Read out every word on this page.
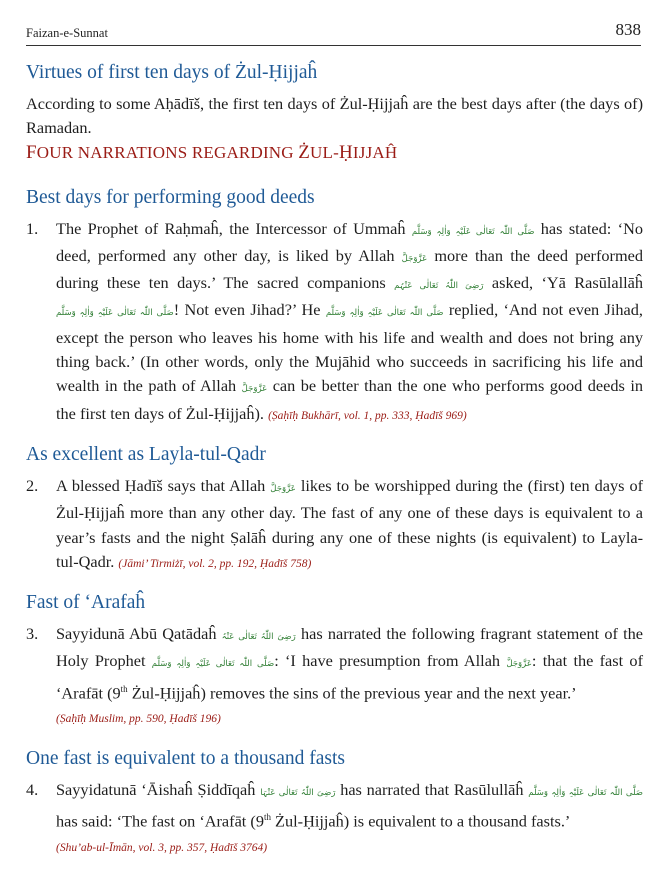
Faizan-e-Sunnat	838
Virtues of first ten days of Żul-Ḥijjaĥ

According to some Aḥādīš, the first ten days of Żul-Ḥijjaĥ are the best days after (the days of) Ramadan.

FOUR NARRATIONS REGARDING ŻUL-ḤIJJAĤ
Best days for performing good deeds
1.	The Prophet of Raḥmaĥ, the Intercessor of Ummaĥ صَلَّی اللّٰہ تَعَالٰی عَلَیْہِ وَاٰلِہٖ وَسَلَّم has stated: ‘No deed, performed any other day, is liked by Allah عَزَّوَجَلَّ more than the deed performed during these ten days.’ The sacred companions رَضِیَ اللّٰہُ تَعَالٰی عَنْہُم asked, ‘Yā Rasūlallāĥ صَلَّی اللّٰہ تَعَالٰی عَلَیْہِ وَاٰلِہٖ وَسَلَّم! Not even Jihad?’ He صَلَّی اللّٰہ تَعَالٰی عَلَیْہِ وَاٰلِہٖ وَسَلَّم replied, ‘And not even Jihad, except the person who leaves his home with his life and wealth and does not bring any thing back.’ (In other words, only the Mujāhid who succeeds in sacrificing his life and wealth in the path of Allah عَزَّوَجَلَّ can be better than the one who performs good deeds in the first ten days of Żul-Ḥijjaĥ). (Ṣaḥīḥ Bukhārī, vol. 1, pp. 333, Ḥadīš 969)
As excellent as Layla-tul-Qadr
2.	A blessed Ḥadīš says that Allah عَزَّوَجَلَّ likes to be worshipped during the (first) ten days of Żul-Ḥijjaĥ more than any other day. The fast of any one of these days is equivalent to a year’s fasts and the night Ṣalāĥ during any one of these nights (is equivalent) to Layla-tul-Qadr. (Jāmi’ Tirmiżī, vol. 2, pp. 192, Ḥadīš 758)
Fast of ‘Arafaĥ
3.	Sayyidunā Abū Qatādaĥ رَضِیَ اللّٰہُ تَعَالٰی عَنْہُ has narrated the following fragrant statement of the Holy Prophet صَلَّی اللّٰہ تَعَالٰی عَلَیْہِ وَاٰلِہٖ وَسَلَّم: ‘I have presumption from Allah عَزَّوَجَلَّ: that the fast of ‘Arafāt (9th Żul-Ḥijjaĥ) removes the sins of the previous year and the next year.’
(Ṣaḥīḥ Muslim, pp. 590, Ḥadīš 196)
One fast is equivalent to a thousand fasts
4.	Sayyidatunā ‘Āishaĥ Ṣiddīqaĥ رَضِیَ اللّٰہُ تَعَالٰی عَنْہَا has narrated that Rasūlullāĥ صَلَّی اللّٰہ تَعَالٰی عَلَیْہِ وَاٰلِہٖ وَسَلَّم has said: ‘The fast on ‘Arafāt (9th Żul-Ḥijjaĥ) is equivalent to a thousand fasts.’
(Shu’ab-ul-Īmān, vol. 3, pp. 357, Ḥadīš 3764)
